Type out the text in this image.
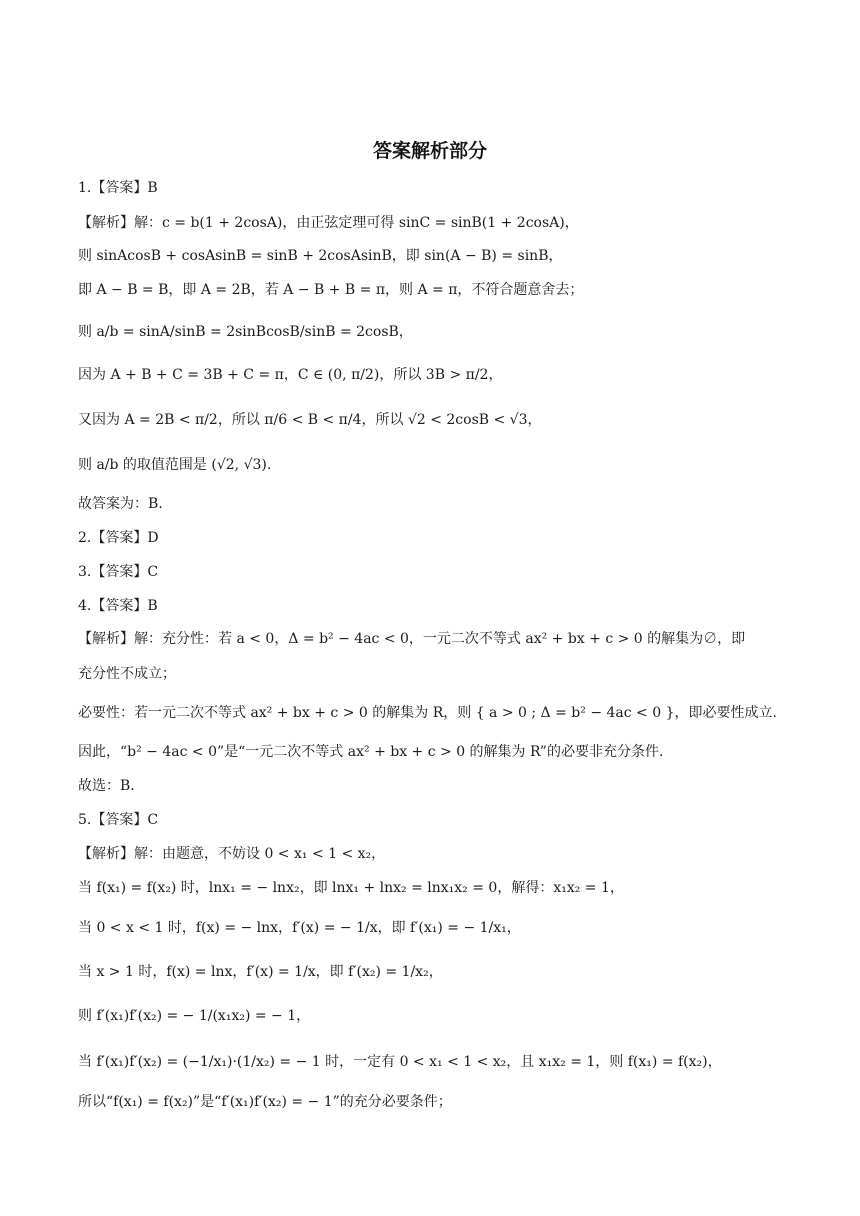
答案解析部分
1.【答案】B
【解析】解：c = b(1 + 2cosA)，由正弦定理可得 sinC = sinB(1 + 2cosA)，
则 sinAcosB + cosAsinB = sinB + 2cosAsinB，即 sin(A − B) = sinB，
即 A − B = B，即 A = 2B，若 A − B + B = π，则 A = π，不符合题意舍去；
则 a/b = sinA/sinB = 2sinBcosB/sinB = 2cosB，
因为 A + B + C = 3B + C = π，C ∈ (0, π/2)，所以 3B > π/2，
又因为 A = 2B < π/2，所以 π/6 < B < π/4，所以 √2 < 2cosB < √3，
则 a/b 的取值范围是 (√2, √3).
故答案为：B.
2.【答案】D
3.【答案】C
4.【答案】B
【解析】解：充分性：若 a < 0，Δ = b² − 4ac < 0，一元二次不等式 ax² + bx + c > 0 的解集为∅，即
充分性不成立；
必要性：若一元二次不等式 ax² + bx + c > 0 的解集为 R，则 { a > 0 ; Δ = b² − 4ac < 0 }，即必要性成立.
因此，“b² − 4ac < 0”是“一元二次不等式 ax² + bx + c > 0 的解集为 R”的必要非充分条件.
故选：B.
5.【答案】C
【解析】解：由题意，不妨设 0 < x₁ < 1 < x₂，
当 f(x₁) = f(x₂) 时，lnx₁ = − lnx₂，即 lnx₁ + lnx₂ = lnx₁x₂ = 0，解得：x₁x₂ = 1，
当 0 < x < 1 时，f(x) = − lnx，f′(x) = − 1/x，即 f′(x₁) = − 1/x₁，
当 x > 1 时，f(x) = lnx，f′(x) = 1/x，即 f′(x₂) = 1/x₂，
则 f′(x₁)f′(x₂) = − 1/(x₁x₂) = − 1，
当 f′(x₁)f′(x₂) = (−1/x₁)·(1/x₂) = − 1 时，一定有 0 < x₁ < 1 < x₂，且 x₁x₂ = 1，则 f(x₁) = f(x₂)，
所以“f(x₁) = f(x₂)”是“f′(x₁)f′(x₂) = − 1”的充分必要条件；
